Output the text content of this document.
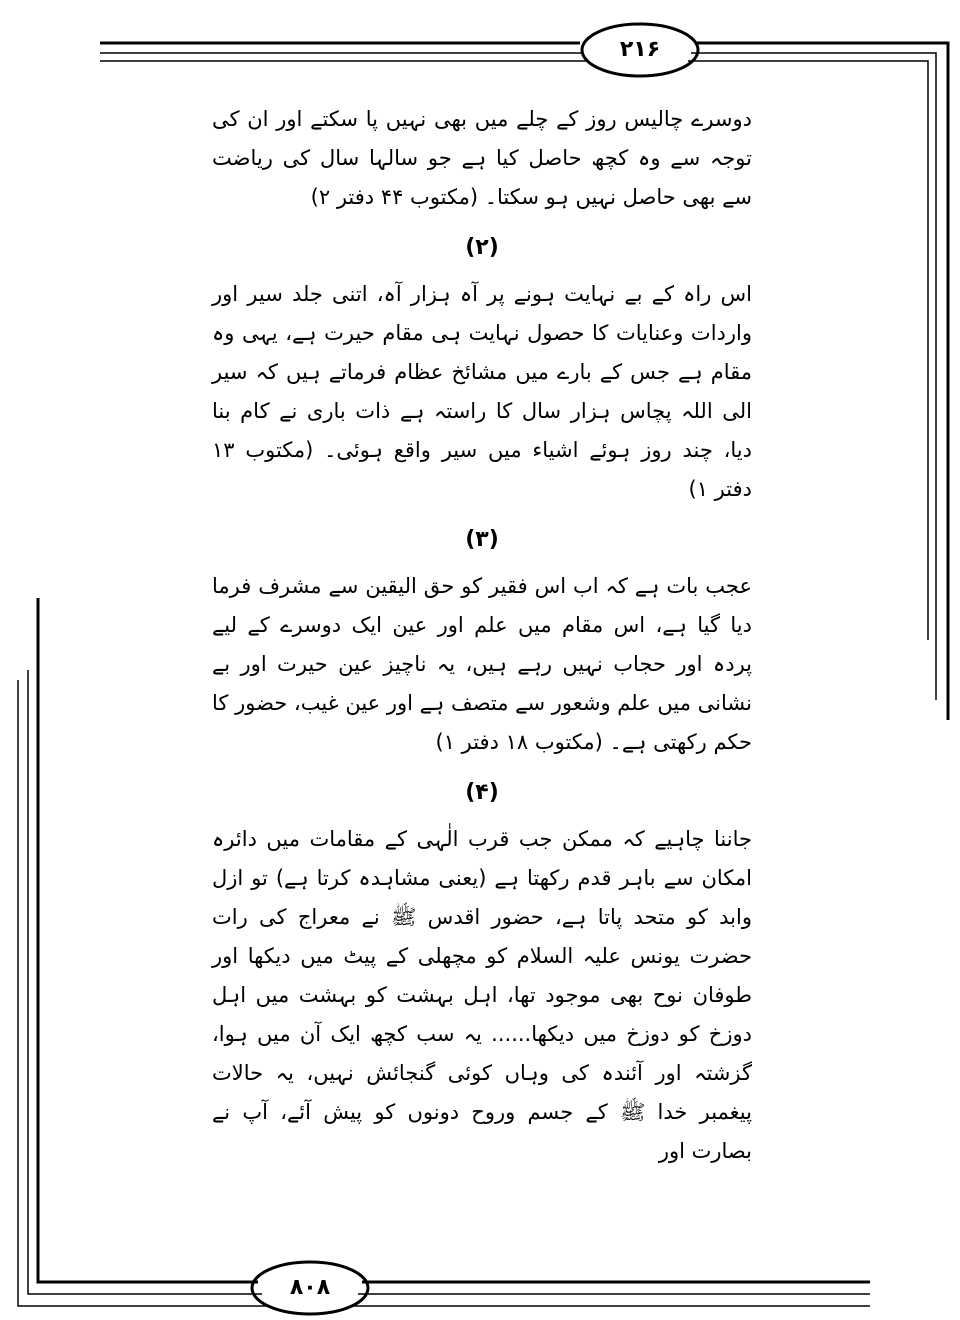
۲۱۶
۸۰۸

دوسرے چالیس روز کے چلے میں بھی نہیں پا سکتے اور ان کی توجہ سے وہ کچھ حاصل کیا ہے جو سالہا سال کی ریاضت سے بھی حاصل نہیں ہو سکتا۔ (مکتوب ۴۴ دفتر ۲)

(۲)

اس راہ کے بے نہایت ہونے پر آہ ہزار آہ، اتنی جلد سیر اور واردات وعنایات کا حصول نہایت ہی مقام حیرت ہے، یہی وہ مقام ہے جس کے بارے میں مشائخ عظام فرماتے ہیں کہ سیر الی اللہ پچاس ہزار سال کا راستہ ہے ذات باری نے کام بنا دیا، چند روز ہوئے اشیاء میں سیر واقع ہوئی۔ (مکتوب ۱۳ دفتر ۱)

(۳)

عجب بات ہے کہ اب اس فقیر کو حق الیقین سے مشرف فرما دیا گیا ہے، اس مقام میں علم اور عین ایک دوسرے کے لیے پردہ اور حجاب نہیں رہے ہیں، یہ ناچیز عین حیرت اور بے نشانی میں علم وشعور سے متصف ہے اور عین غیب، حضور کا حکم رکھتی ہے۔ (مکتوب ۱۸ دفتر ۱)

(۴)

جاننا چاہیے کہ ممکن جب قرب الٰہی کے مقامات میں دائرہ امکان سے باہر قدم رکھتا ہے (یعنی مشاہدہ کرتا ہے) تو ازل وابد کو متحد پاتا ہے، حضور اقدس ﷺ نے معراج کی رات حضرت یونس علیہ السلام کو مچھلی کے پیٹ میں دیکھا اور طوفان نوح بھی موجود تھا، اہل بہشت کو بہشت میں اہل دوزخ کو دوزخ میں دیکھا...... یہ سب کچھ ایک آن میں ہوا، گزشتہ اور آئندہ کی وہاں کوئی گنجائش نہیں، یہ حالات پیغمبر خدا ﷺ کے جسم وروح دونوں کو پیش آئے، آپ نے بصارت اور
